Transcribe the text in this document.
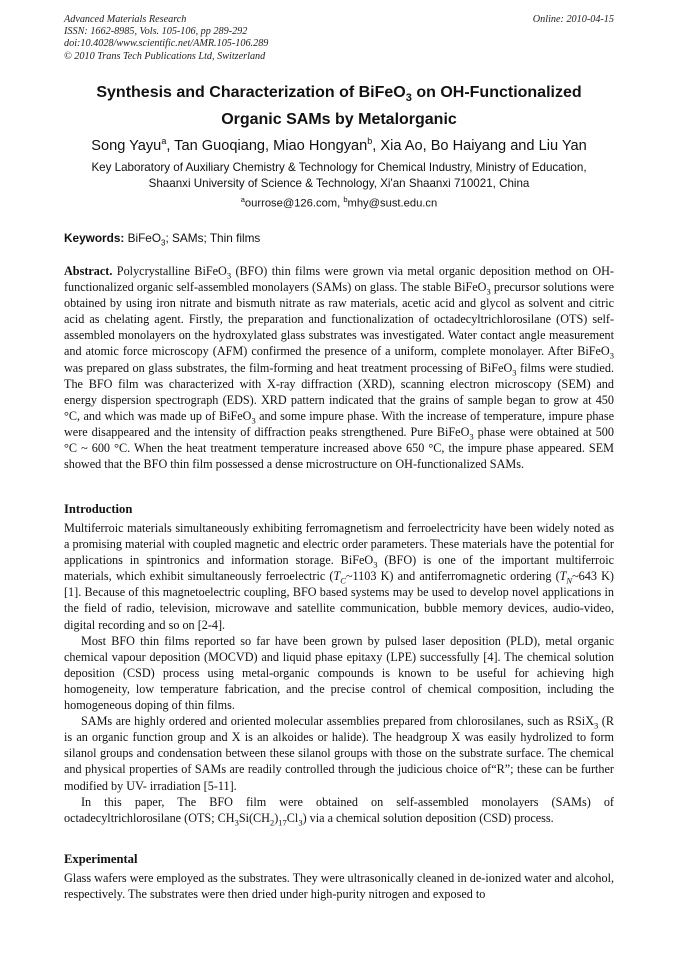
Advanced Materials Research
ISSN: 1662-8985, Vols. 105-106, pp 289-292
doi:10.4028/www.scientific.net/AMR.105-106.289
© 2010 Trans Tech Publications Ltd, Switzerland
Online: 2010-04-15
Synthesis and Characterization of BiFeO$_3$ on OH-Functionalized
Organic SAMs by Metalorganic
Song Yayu$^a$, Tan Guoqiang, Miao Hongyan$^b$, Xia Ao, Bo Haiyang and Liu Yan
Key Laboratory of Auxiliary Chemistry & Technology for Chemical Industry, Ministry of Education,
Shaanxi University of Science & Technology, Xi'an Shaanxi 710021, China
$^a$ourrose@126.com, $^b$mhy@sust.edu.cn
Keywords: BiFeO$_3$; SAMs; Thin films
Abstract. Polycrystalline BiFeO$_3$ (BFO) thin films were grown via metal organic deposition method on OH-functionalized organic self-assembled monolayers (SAMs) on glass. The stable BiFeO$_3$ precursor solutions were obtained by using iron nitrate and bismuth nitrate as raw materials, acetic acid and glycol as solvent and citric acid as chelating agent. Firstly, the preparation and functionalization of octadecyltrichlorosilane (OTS) self-assembled monolayers on the hydroxylated glass substrates was investigated. Water contact angle measurement and atomic force microscopy (AFM) confirmed the presence of a uniform, complete monolayer. After BiFeO$_3$ was prepared on glass substrates, the film-forming and heat treatment processing of BiFeO$_3$ films were studied. The BFO film was characterized with X-ray diffraction (XRD), scanning electron microscopy (SEM) and energy dispersion spectrograph (EDS). XRD pattern indicated that the grains of sample began to grow at 450 °C, and which was made up of BiFeO$_3$ and some impure phase. With the increase of temperature, impure phase were disappeared and the intensity of diffraction peaks strengthened. Pure BiFeO$_3$ phase were obtained at 500 °C ~ 600 °C. When the heat treatment temperature increased above 650 °C, the impure phase appeared. SEM showed that the BFO thin film possessed a dense microstructure on OH-functionalized SAMs.
Introduction

Multiferroic materials simultaneously exhibiting ferromagnetism and ferroelectricity have been widely noted as a promising material with coupled magnetic and electric order parameters. These materials have the potential for applications in spintronics and information storage. BiFeO$_3$ (BFO) is one of the important multiferroic materials, which exhibit simultaneously ferroelectric ($T_C\sim 1103$ K) and antiferromagnetic ordering ($T_N\sim 643$ K) [1]. Because of this magnetoelectric coupling, BFO based systems may be used to develop novel applications in the field of radio, television, microwave and satellite communication, bubble memory devices, audio-video, digital recording and so on [2-4].

Most BFO thin films reported so far have been grown by pulsed laser deposition (PLD), metal organic chemical vapour deposition (MOCVD) and liquid phase epitaxy (LPE) successfully [4]. The chemical solution deposition (CSD) process using metal-organic compounds is known to be useful for achieving high homogeneity, low temperature fabrication, and the precise control of chemical composition, including the homogeneous doping of thin films.

SAMs are highly ordered and oriented molecular assemblies prepared from chlorosilanes, such as RSiX$_3$ (R is an organic function group and X is an alkoides or halide). The headgroup X was easily hydrolized to form silanol groups and condensation between these silanol groups with those on the substrate surface. The chemical and physical properties of SAMs are readily controlled through the judicious choice of“R”; these can be further modified by UV- irradiation [5-11].

In this paper, The BFO film were obtained on self-assembled monolayers (SAMs) of octadecyltrichlorosilane (OTS; $CH_3Si(CH_2)_{17}Cl_3$) via a chemical solution deposition (CSD) process.

Experimental

Glass wafers were employed as the substrates. They were ultrasonically cleaned in de-ionized water and alcohol, respectively. The substrates were then dried under high-purity nitrogen and exposed to
